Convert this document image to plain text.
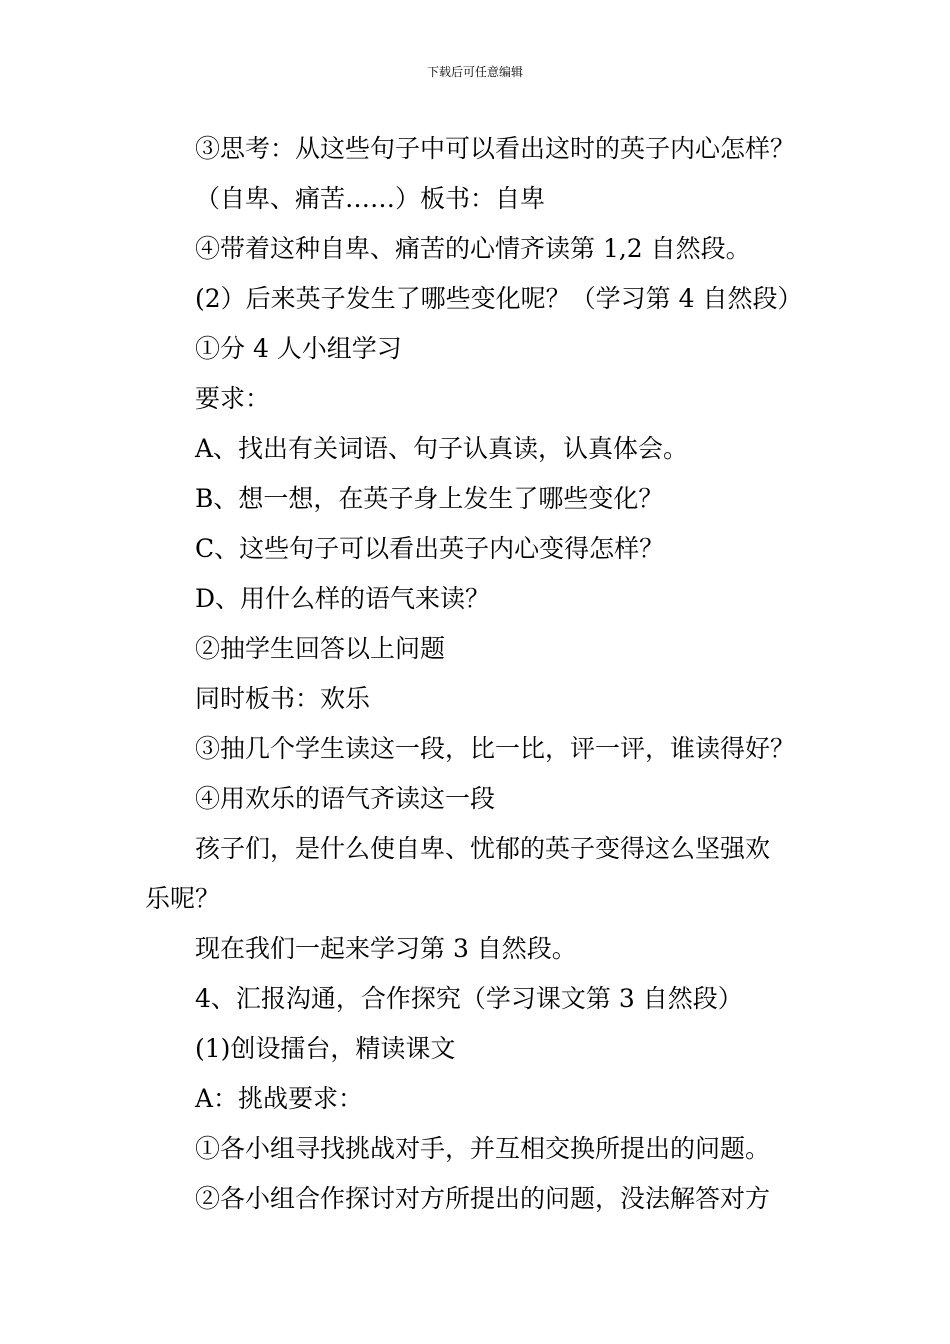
下载后可任意编辑

③思考：从这些句子中可以看出这时的英子内心怎样？

（自卑、痛苦……）板书：自卑

④带着这种自卑、痛苦的心情齐读第 1,2 自然段。

(2）后来英子发生了哪些变化呢？（学习第 4 自然段）

①分 4 人小组学习

要求：

A、找出有关词语、句子认真读，认真体会。

B、想一想，在英子身上发生了哪些变化？

C、这些句子可以看出英子内心变得怎样？

D、用什么样的语气来读？

②抽学生回答以上问题

同时板书：欢乐

③抽几个学生读这一段，比一比，评一评，谁读得好？

④用欢乐的语气齐读这一段

孩子们，是什么使自卑、忧郁的英子变得这么坚强欢

乐呢？

现在我们一起来学习第 3 自然段。

4、汇报沟通，合作探究（学习课文第 3 自然段）

(1)创设擂台，精读课文

A：挑战要求：

①各小组寻找挑战对手，并互相交换所提出的问题。

②各小组合作探讨对方所提出的问题，没法解答对方
